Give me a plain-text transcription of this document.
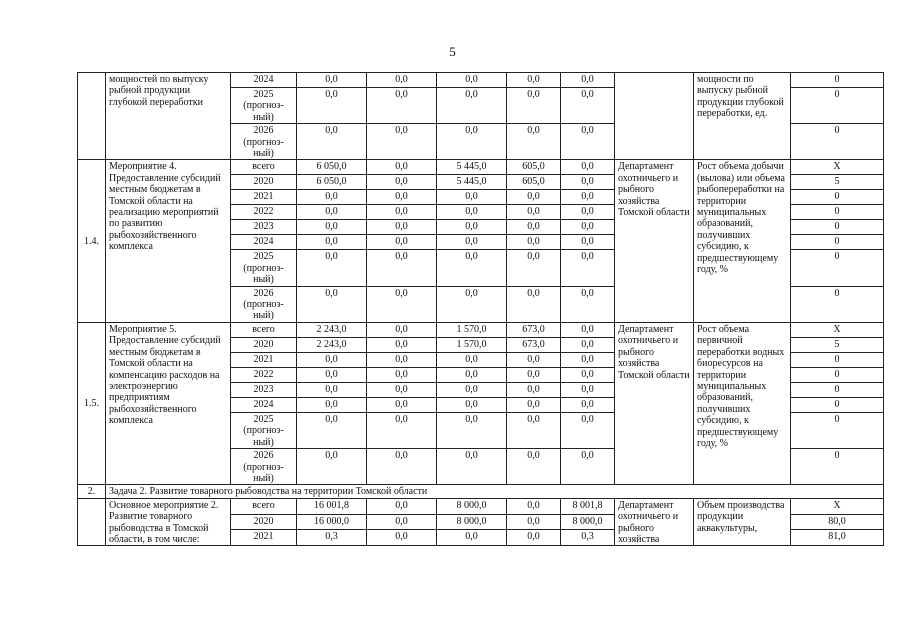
5
	мощностей по выпуску рыбной продукции глубокой переработки	2024	0,0	0,0	0,0	0,0	0,0		мощности по выпуску рыбной продукции глубокой переработки, ед.	0
		2025 (прогноз-ный)	0,0	0,0	0,0	0,0	0,0			0
		2026 (прогноз-ный)	0,0	0,0	0,0	0,0	0,0			0
1.4.	Мероприятие 4. Предоставление субсидий местным бюджетам в Томской области на реализацию мероприятий по развитию рыбохозяйственного комплекса	всего	6 050,0	0,0	5 445,0	605,0	0,0	Департамент охотничьего и рыбного хозяйства Томской области	Рост объема добычи (вылова) или объема рыбопереработки на территории муниципальных образований, получивших субсидию, к предшествующему году, %	X
		2020	6 050,0	0,0	5 445,0	605,0	0,0			5
		2021	0,0	0,0	0,0	0,0	0,0			0
		2022	0,0	0,0	0,0	0,0	0,0			0
		2023	0,0	0,0	0,0	0,0	0,0			0
		2024	0,0	0,0	0,0	0,0	0,0			0
		2025 (прогноз-ный)	0,0	0,0	0,0	0,0	0,0			0
		2026 (прогноз-ный)	0,0	0,0	0,0	0,0	0,0			0
1.5.	Мероприятие 5. Предоставление субсидий местным бюджетам в Томской области на компенсацию расходов на электроэнергию предприятиям рыбохозяйственного комплекса	всего	2 243,0	0,0	1 570,0	673,0	0,0	Департамент охотничьего и рыбного хозяйства Томской области	Рост объема первичной переработки водных биоресурсов на территории муниципальных образований, получивших субсидию, к предшествующему году, %	X
		2020	2 243,0	0,0	1 570,0	673,0	0,0			5
		2021	0,0	0,0	0,0	0,0	0,0			0
		2022	0,0	0,0	0,0	0,0	0,0			0
		2023	0,0	0,0	0,0	0,0	0,0			0
		2024	0,0	0,0	0,0	0,0	0,0			0
		2025 (прогноз-ный)	0,0	0,0	0,0	0,0	0,0			0
		2026 (прогноз-ный)	0,0	0,0	0,0	0,0	0,0			0
2.	Задача 2. Развитие товарного рыбоводства на территории Томской области									
	Основное мероприятие 2. Развитие товарного рыбоводства в Томской области, в том числе:	всего	16 001,8	0,0	8 000,0	0,0	8 001,8	Департамент охотничьего и рыбного хозяйства	Объем производства продукции аквакультуры,	X
		2020	16 000,0	0,0	8 000,0	0,0	8 000,0			80,0
		2021	0,3	0,0	0,0	0,0	0,3			81,0
